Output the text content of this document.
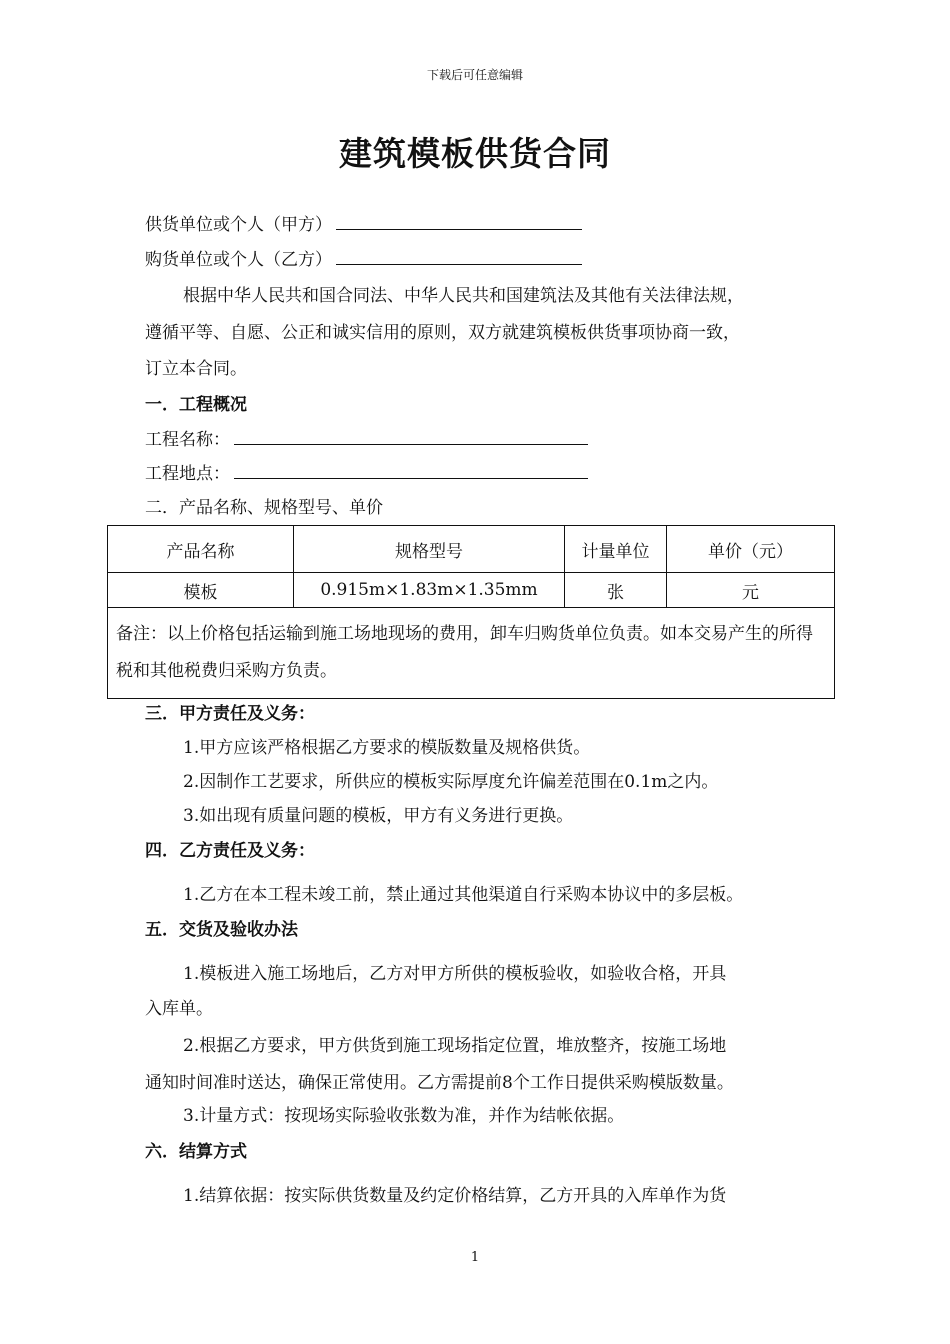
下载后可任意编辑
建筑模板供货合同
供货单位或个人（甲方）
购货单位或个人（乙方）
根据中华人民共和国合同法、中华人民共和国建筑法及其他有关法律法规，
遵循平等、自愿、公正和诚实信用的原则，双方就建筑模板供货事项协商一致，
订立本合同。
一．工程概况
工程名称：
工程地点：
二．产品名称、规格型号、单价
产品名称	规格型号	计量单位	单价（元）
模板	0.915m×1.83m×1.35mm	张	元
备注：以上价格包括运输到施工场地现场的费用，卸车归购货单位负责。如本交易产生的所得税和其他税费归采购方负责。			
三．甲方责任及义务：
1.甲方应该严格根据乙方要求的模版数量及规格供货。
2.因制作工艺要求，所供应的模板实际厚度允许偏差范围在0.1m之内。
3.如出现有质量问题的模板，甲方有义务进行更换。
四．乙方责任及义务：
1.乙方在本工程未竣工前，禁止通过其他渠道自行采购本协议中的多层板。
五．交货及验收办法
1.模板进入施工场地后，乙方对甲方所供的模板验收，如验收合格，开具
入库单。
2.根据乙方要求，甲方供货到施工现场指定位置，堆放整齐，按施工场地
通知时间准时送达，确保正常使用。乙方需提前8个工作日提供采购模版数量。
3.计量方式：按现场实际验收张数为准，并作为结帐依据。
六．结算方式
1.结算依据：按实际供货数量及约定价格结算，乙方开具的入库单作为货
1
